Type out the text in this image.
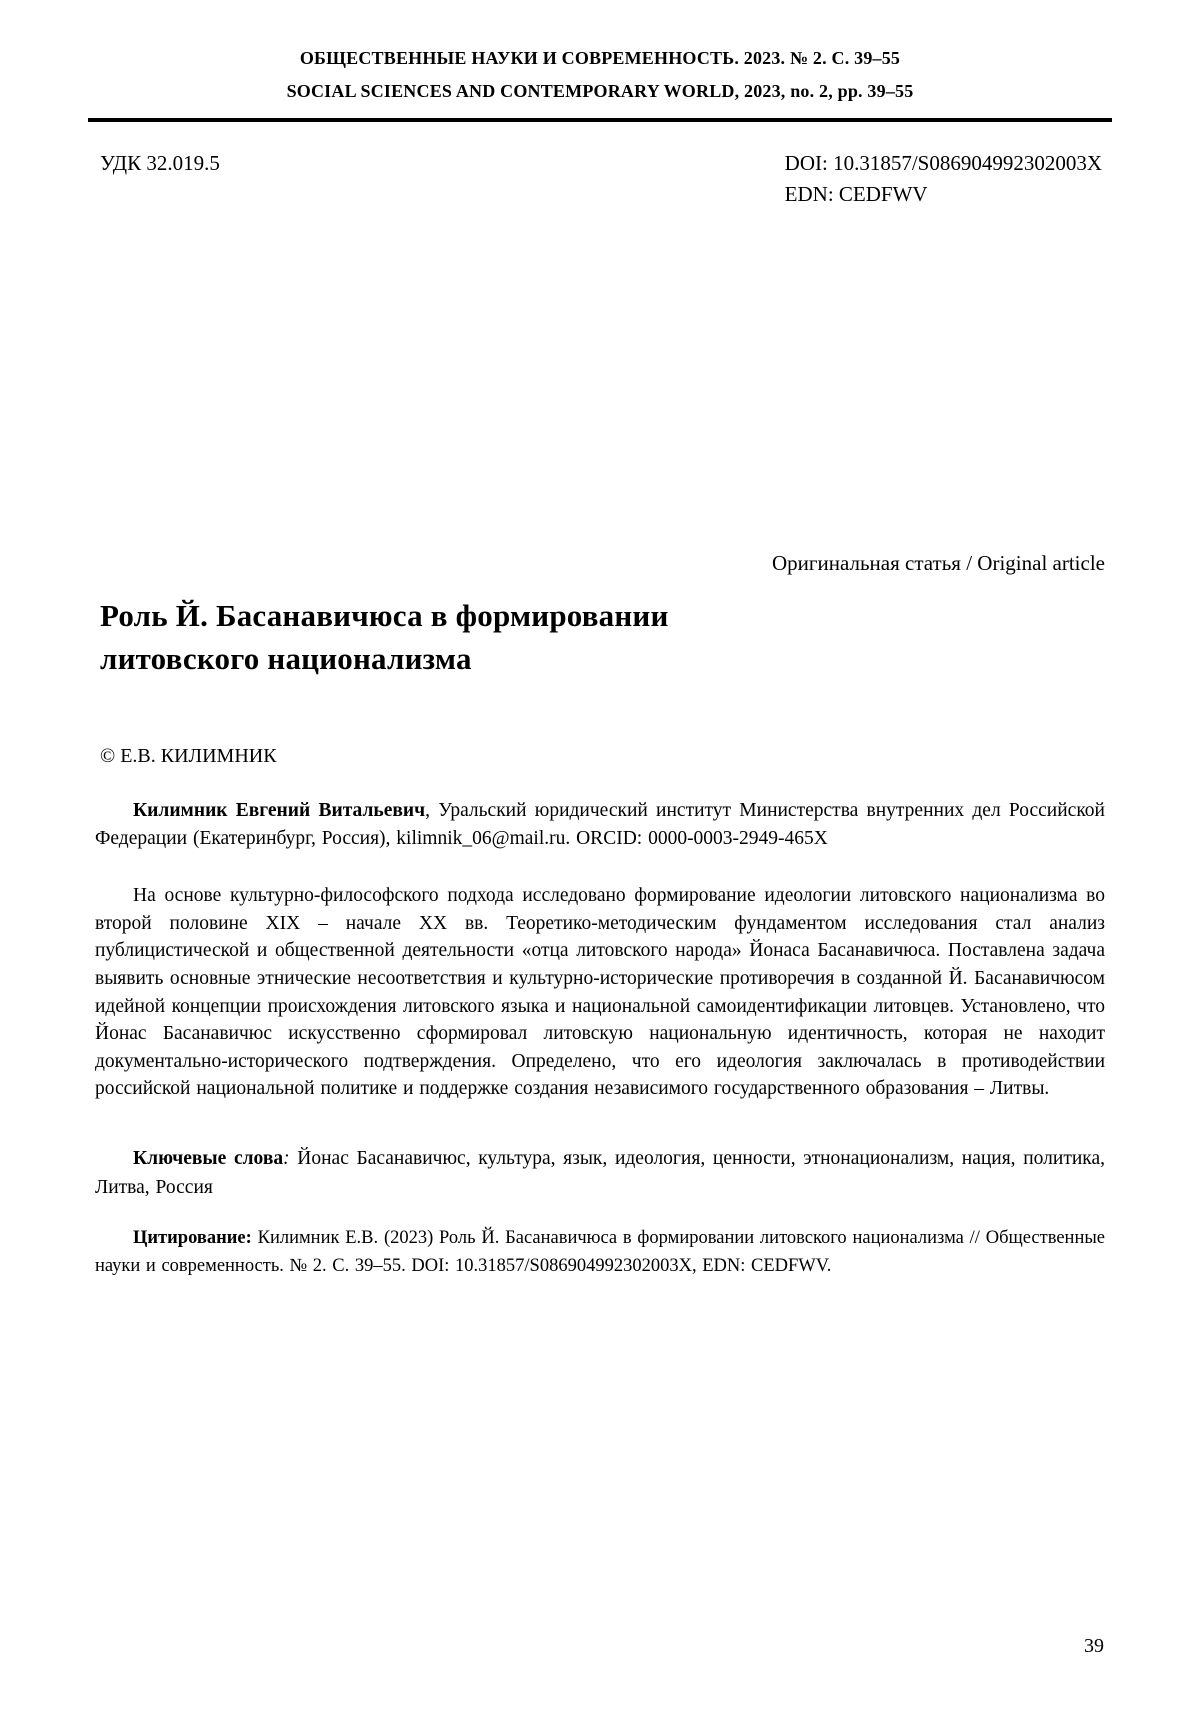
ОБЩЕСТВЕННЫЕ НАУКИ И СОВРЕМЕННОСТЬ. 2023. № 2. С. 39–55
SOCIAL SCIENCES AND CONTEMPORARY WORLD, 2023, no. 2, pp. 39–55
УДК 32.019.5	DOI: 10.31857/S086904992302003X
EDN: CEDFWV
Оригинальная статья / Original article
Роль Й. Басанавичюса в формировании
литовского национализма
© Е.В. КИЛИМНИК

Килимник Евгений Витальевич, Уральский юридический институт Министерства внутренних дел Российской Федерации (Екатеринбург, Россия), kilimnik_06@mail.ru. ORCID: 0000-0003-2949-465X

На основе культурно-философского подхода исследовано формирование идеологии литовского национализма во второй половине XIX – начале XX вв. Теоретико-методическим фундаментом исследования стал анализ публицистической и общественной деятельности «отца литовского народа» Йонаса Басанавичюса. Поставлена задача выявить основные этнические несоответствия и культурно-исторические противоречия в созданной Й. Басанавичюсом идейной концепции происхождения литовского языка и национальной самоидентификации литовцев. Установлено, что Йонас Басанавичюс искусственно сформировал литовскую национальную идентичность, которая не находит документально-исторического подтверждения. Определено, что его идеология заключалась в противодействии российской национальной политике и поддержке создания независимого государственного образования – Литвы.

Ключевые слова: Йонас Басанавичюс, культура, язык, идеология, ценности, этнонационализм, нация, политика, Литва, Россия

Цитирование: Килимник Е.В. (2023) Роль Й. Басанавичюса в формировании литовского национализма // Общественные науки и современность. № 2. С. 39–55. DOI: 10.31857/S086904992302003X, EDN: CEDFWV.

39
